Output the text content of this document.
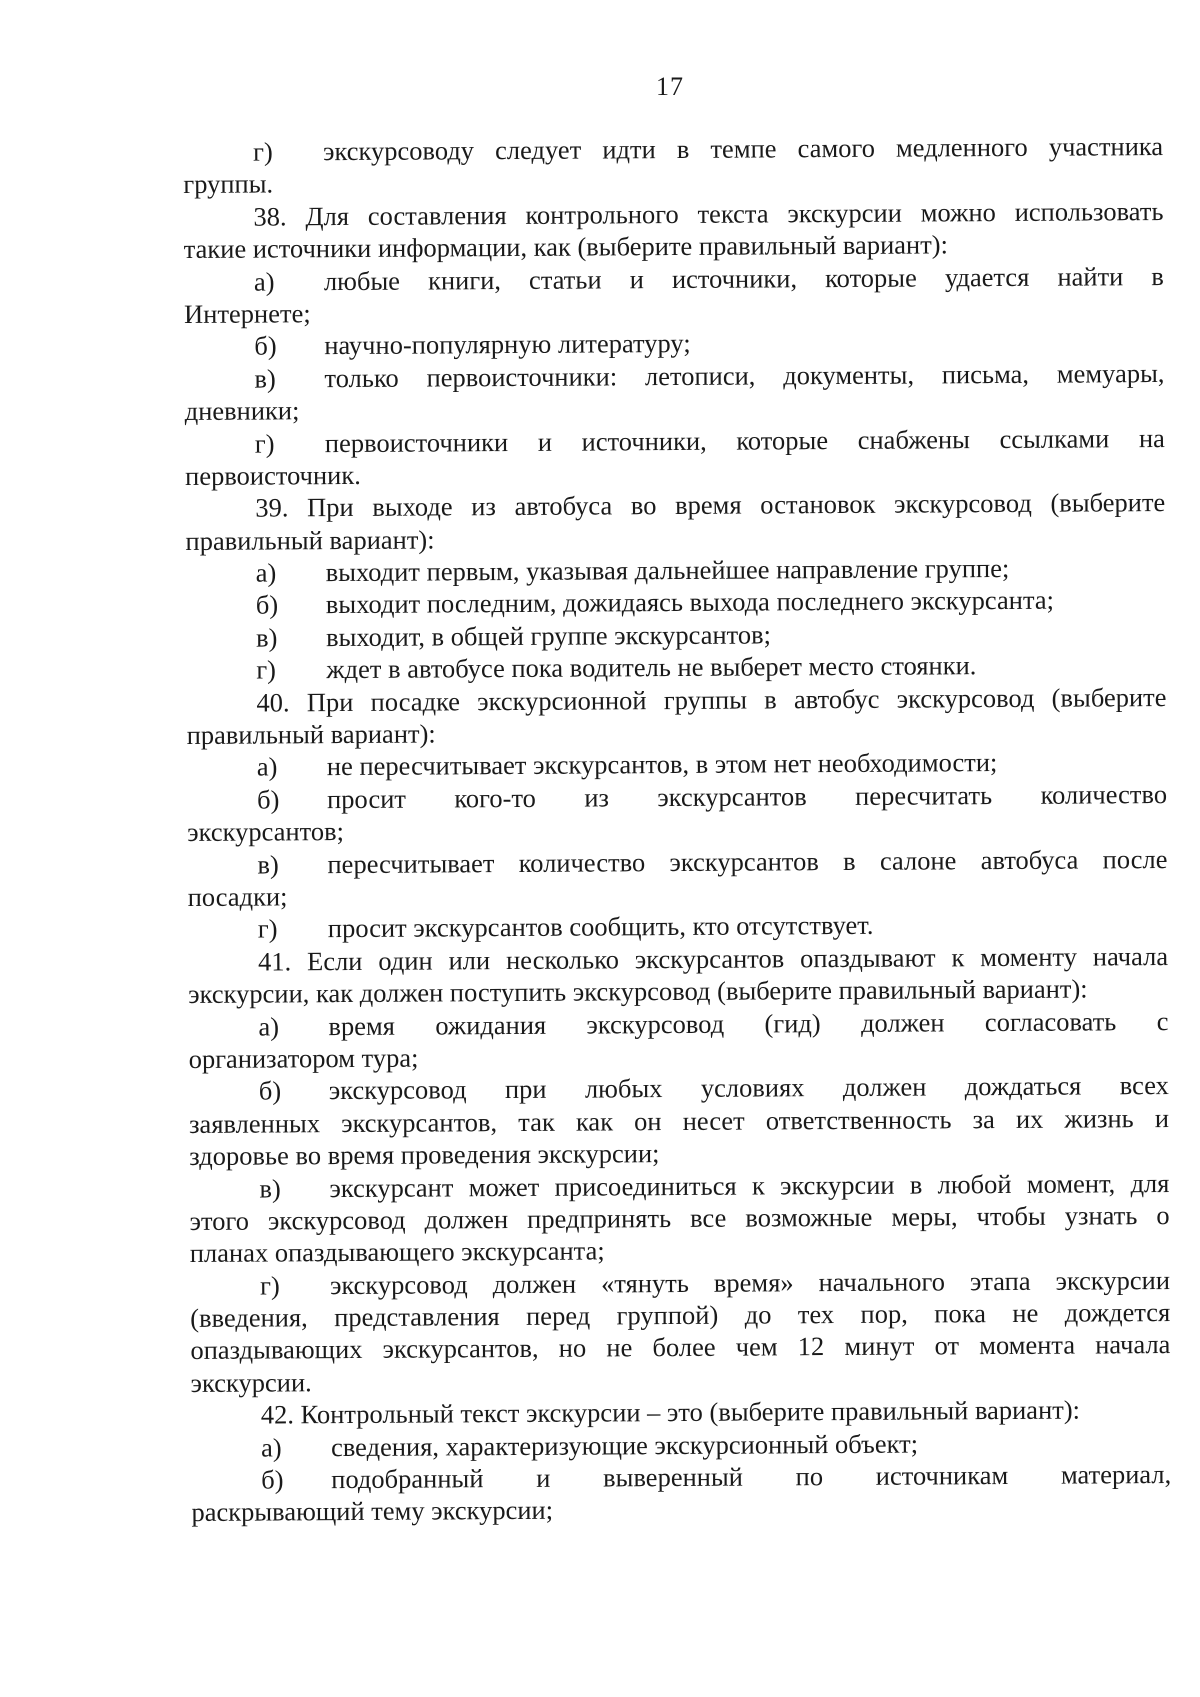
17
г)	экскурсоводу следует идти в темпе самого медленного участника
группы.
38. Для составления контрольного текста экскурсии можно использовать
такие источники информации, как (выберите правильный вариант):
а)	любые книги, статьи и источники, которые удается найти в
Интернете;
б)	научно-популярную литературу;
в)	только первоисточники: летописи, документы, письма, мемуары,
дневники;
г)	первоисточники и источники, которые снабжены ссылками на
первоисточник.
39. При выходе из автобуса во время остановок экскурсовод (выберите
правильный вариант):
а)	выходит первым, указывая дальнейшее направление группе;
б)	выходит последним, дожидаясь выхода последнего экскурсанта;
в)	выходит, в общей группе экскурсантов;
г)	ждет в автобусе пока водитель не выберет место стоянки.
40. При посадке экскурсионной группы в автобус экскурсовод (выберите
правильный вариант):
а)	не пересчитывает экскурсантов, в этом нет необходимости;
б)	просит кого-то из экскурсантов пересчитать количество
экскурсантов;
в)	пересчитывает количество экскурсантов в салоне автобуса после
посадки;
г)	просит экскурсантов сообщить, кто отсутствует.
41. Если один или несколько экскурсантов опаздывают к моменту начала
экскурсии, как должен поступить экскурсовод (выберите правильный вариант):
а)	время ожидания экскурсовод (гид) должен согласовать с
организатором тура;
б)	экскурсовод при любых условиях должен дождаться всех
заявленных экскурсантов, так как он несет ответственность за их жизнь и
здоровье во время проведения экскурсии;
в)	экскурсант может присоединиться к экскурсии в любой момент, для
этого экскурсовод должен предпринять все возможные меры, чтобы узнать о
планах опаздывающего экскурсанта;
г)	экскурсовод должен «тянуть время» начального этапа экскурсии
(введения, представления перед группой) до тех пор, пока не дождется
опаздывающих экскурсантов, но не более чем 12 минут от момента начала
экскурсии.
42. Контрольный текст экскурсии – это (выберите правильный вариант):
а)	сведения, характеризующие экскурсионный объект;
б)	подобранный и выверенный по источникам материал,
раскрывающий тему экскурсии;
